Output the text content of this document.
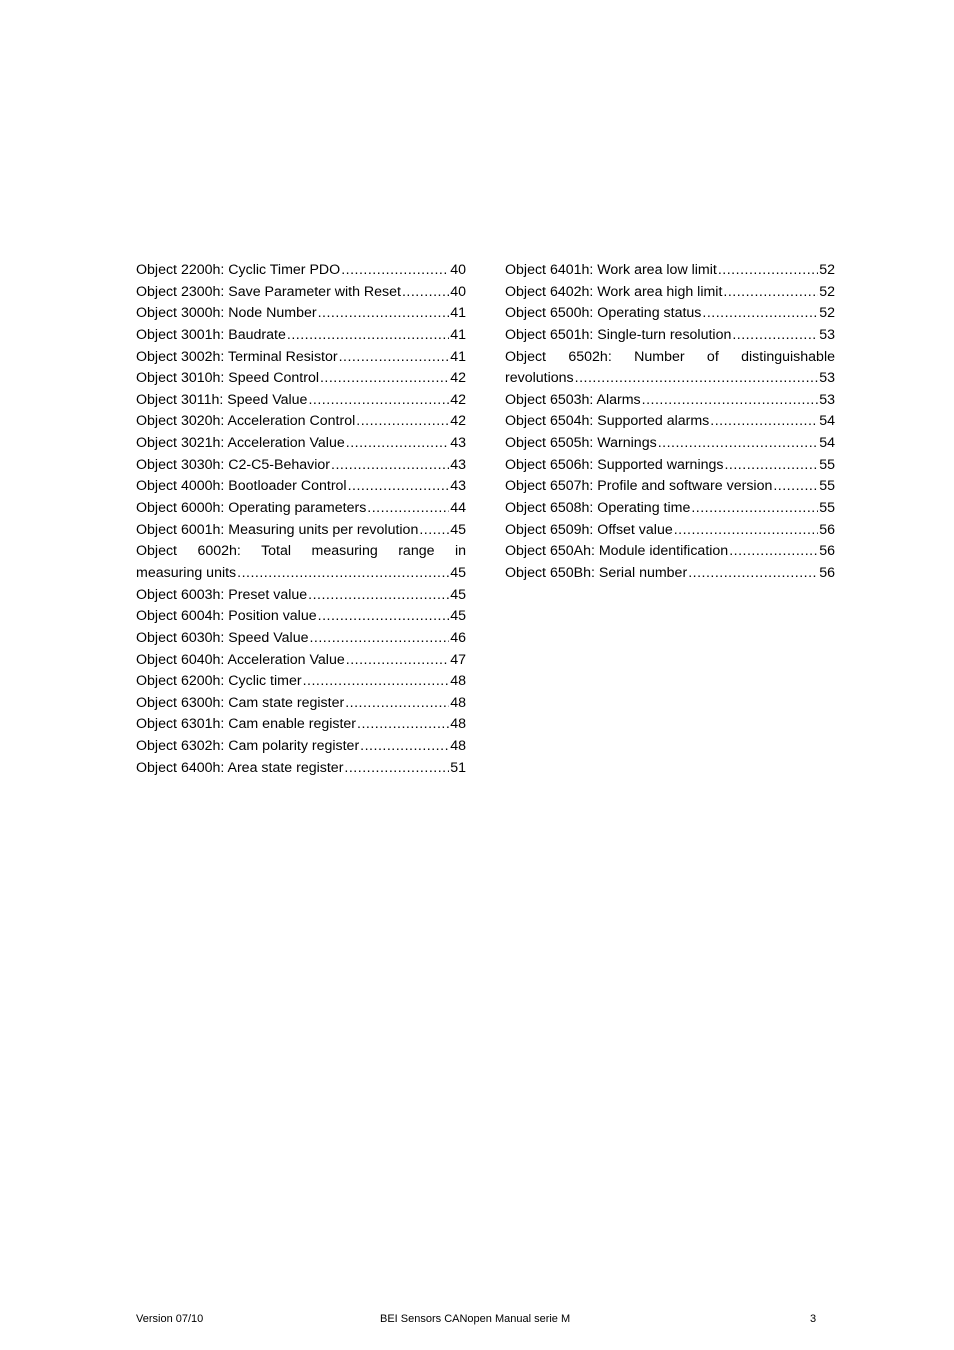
Object 2200h: Cyclic Timer PDO .....	40
Object 2300h: Save Parameter with Reset .....	40
Object 3000h: Node Number .....	41
Object 3001h: Baudrate .....	41
Object 3002h: Terminal Resistor .....	41
Object 3010h: Speed Control .....	42
Object 3011h: Speed Value .....	42
Object 3020h: Acceleration Control .....	42
Object 3021h: Acceleration Value .....	43
Object 3030h: C2-C5-Behavior .....	43
Object 4000h: Bootloader Control .....	43
Object 6000h: Operating parameters .....	44
Object 6001h: Measuring units per revolution ..... 45
Object 6002h: Total measuring range in
measuring units .....	45
Object 6003h: Preset value .....	45
Object 6004h: Position value .....	45
Object 6030h: Speed Value .....	46
Object 6040h: Acceleration Value .....	47
Object 6200h: Cyclic timer .....	48
Object 6300h: Cam state register .....	48
Object 6301h: Cam enable register .....	48
Object 6302h: Cam polarity register .....	48
Object 6400h: Area state register .....	51
Object 6401h: Work area low limit .....	52
Object 6402h: Work area high limit .....	52
Object 6500h: Operating status .....	52
Object 6501h: Single-turn resolution .....	53
Object 6502h: Number of distinguishable
revolutions .....	53
Object 6503h: Alarms .....	53
Object 6504h: Supported alarms .....	54
Object 6505h: Warnings .....	54
Object 6506h: Supported warnings .....	55
Object 6507h: Profile and software version .....	55
Object 6508h: Operating time .....	55
Object 6509h: Offset value .....	56
Object 650Ah: Module identification .....	56
Object 650Bh: Serial number .....	56
Version 07/10	BEI Sensors CANopen Manual serie M	3
